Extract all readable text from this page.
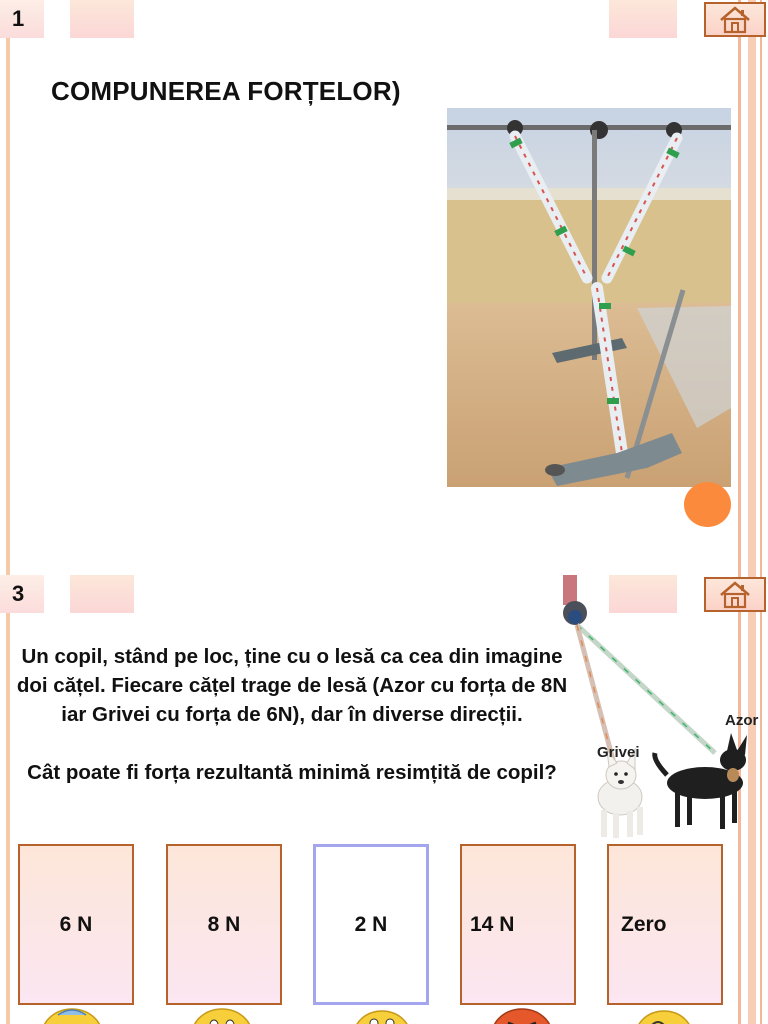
1
COMPUNEREA FORȚELOR)
3

Un copil, stând pe loc, ține cu o lesă ca cea din imagine doi cățel. Fiecare cățel trage de lesă (Azor cu forța de 8N iar Grivei cu forța de 6N), dar în diverse direcții.

Cât poate fi forța rezultantă minimă resimțită de copil?

Grivei
Azor
6 N	8 N	2 N	14 N	Zero
